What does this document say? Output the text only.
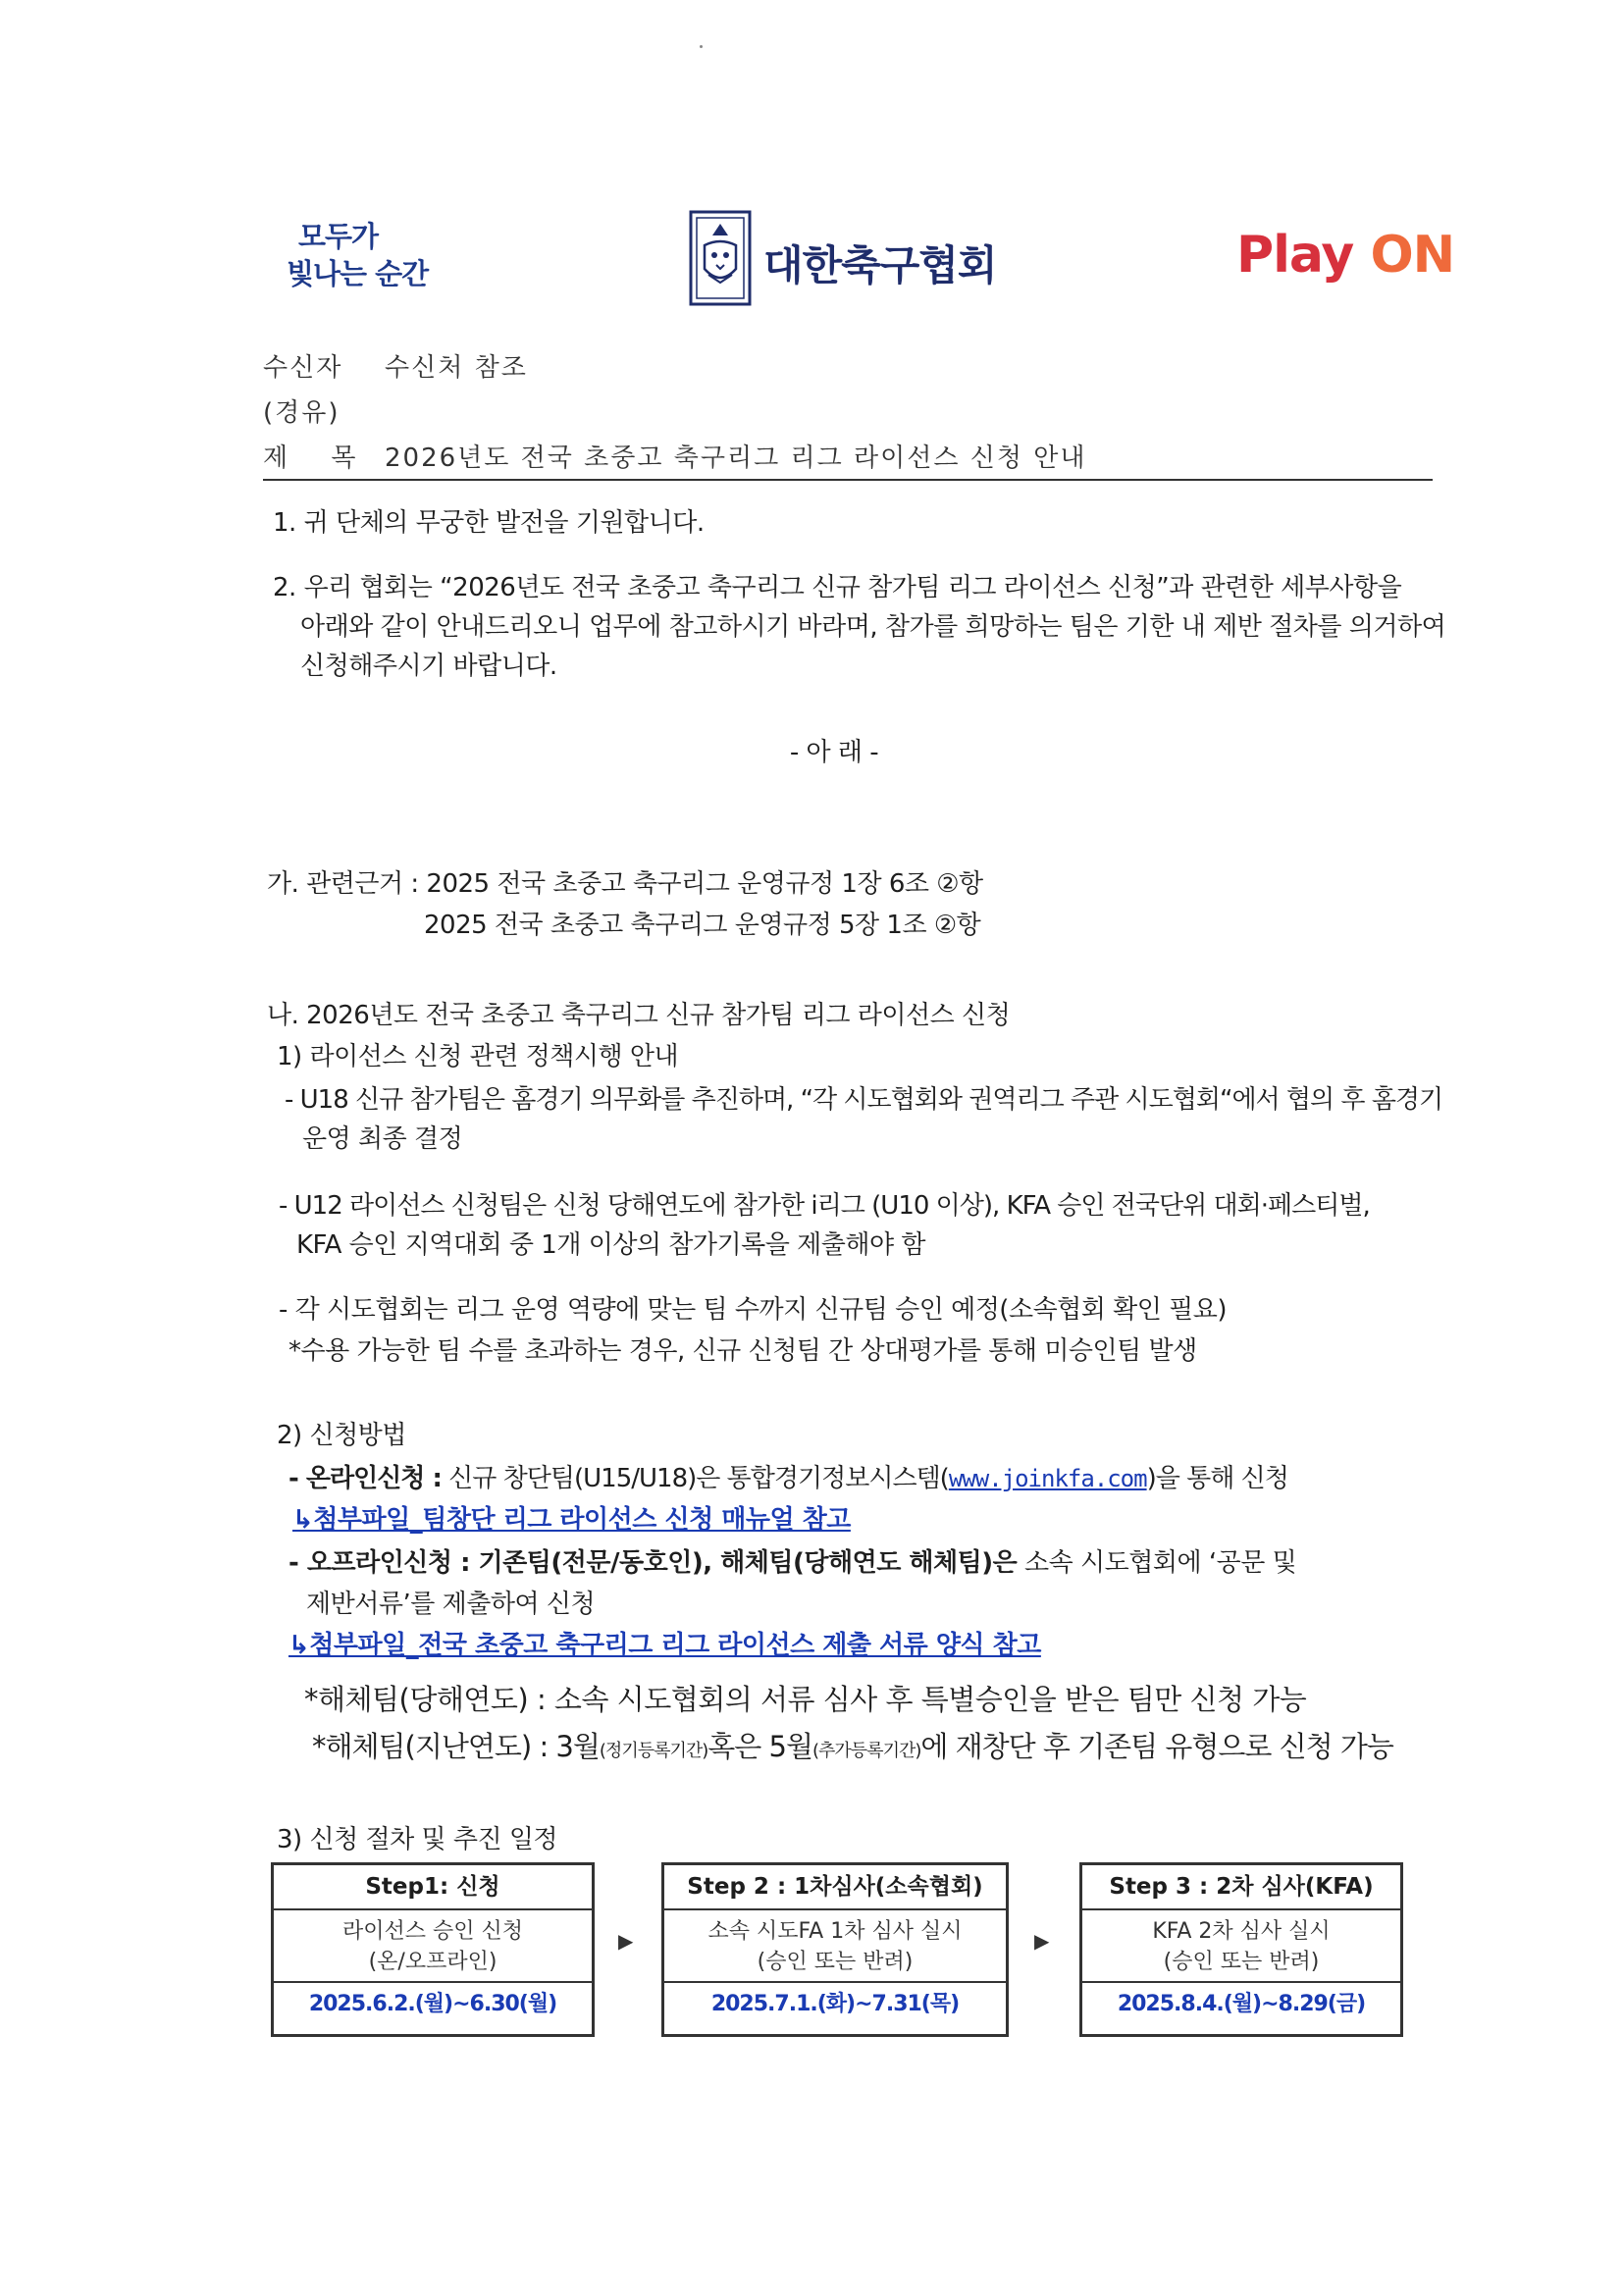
모두가
빛나는 순간	대한축구협회	Play ON
수신자 수신처 참조
(경유)
제 목 2026년도 전국 초중고 축구리그 리그 라이선스 신청 안내
1. 귀 단체의 무궁한 발전을 기원합니다.
2. 우리 협회는 “2026년도 전국 초중고 축구리그 신규 참가팀 리그 라이선스 신청”과 관련한 세부사항을
아래와 같이 안내드리오니 업무에 참고하시기 바라며, 참가를 희망하는 팀은 기한 내 제반 절차를 의거하여
신청해주시기 바랍니다.
- 아 래 -
가. 관련근거 : 2025 전국 초중고 축구리그 운영규정 1장 6조 ②항
2025 전국 초중고 축구리그 운영규정 5장 1조 ②항
나. 2026년도 전국 초중고 축구리그 신규 참가팀 리그 라이선스 신청
1) 라이선스 신청 관련 정책시행 안내
- U18 신규 참가팀은 홈경기 의무화를 추진하며, “각 시도협회와 권역리그 주관 시도협회“에서 협의 후 홈경기
운영 최종 결정
- U12 라이선스 신청팀은 신청 당해연도에 참가한 i리그 (U10 이상), KFA 승인 전국단위 대회·페스티벌,
KFA 승인 지역대회 중 1개 이상의 참가기록을 제출해야 함
- 각 시도협회는 리그 운영 역량에 맞는 팀 수까지 신규팀 승인 예정(소속협회 확인 필요)
*수용 가능한 팀 수를 초과하는 경우, 신규 신청팀 간 상대평가를 통해 미승인팀 발생
2) 신청방법
- 온라인신청 : 신규 창단팀(U15/U18)은 통합경기정보시스템(www.joinkfa.com)을 통해 신청
↳첨부파일_팀창단 리그 라이선스 신청 매뉴얼 참고
- 오프라인신청 : 기존팀(전문/동호인), 해체팀(당해연도 해체팀)은 소속 시도협회에 ‘공문 및
제반서류’를 제출하여 신청
↳첨부파일_전국 초중고 축구리그 리그 라이선스 제출 서류 양식 참고
*해체팀(당해연도) : 소속 시도협회의 서류 심사 후 특별승인을 받은 팀만 신청 가능
*해체팀(지난연도) : 3월(정기등록기간)혹은 5월(추가등록기간)에 재창단 후 기존팀 유형으로 신청 가능
3) 신청 절차 및 추진 일정
Step1: 신청
라이선스 승인 신청
(온/오프라인)
2025.6.2.(월)~6.30(월)
▶
Step 2 : 1차심사(소속협회)
소속 시도FA 1차 심사 실시
(승인 또는 반려)
2025.7.1.(화)~7.31(목)
▶
Step 3 : 2차 심사(KFA)
KFA 2차 심사 실시
(승인 또는 반려)
2025.8.4.(월)~8.29(금)
